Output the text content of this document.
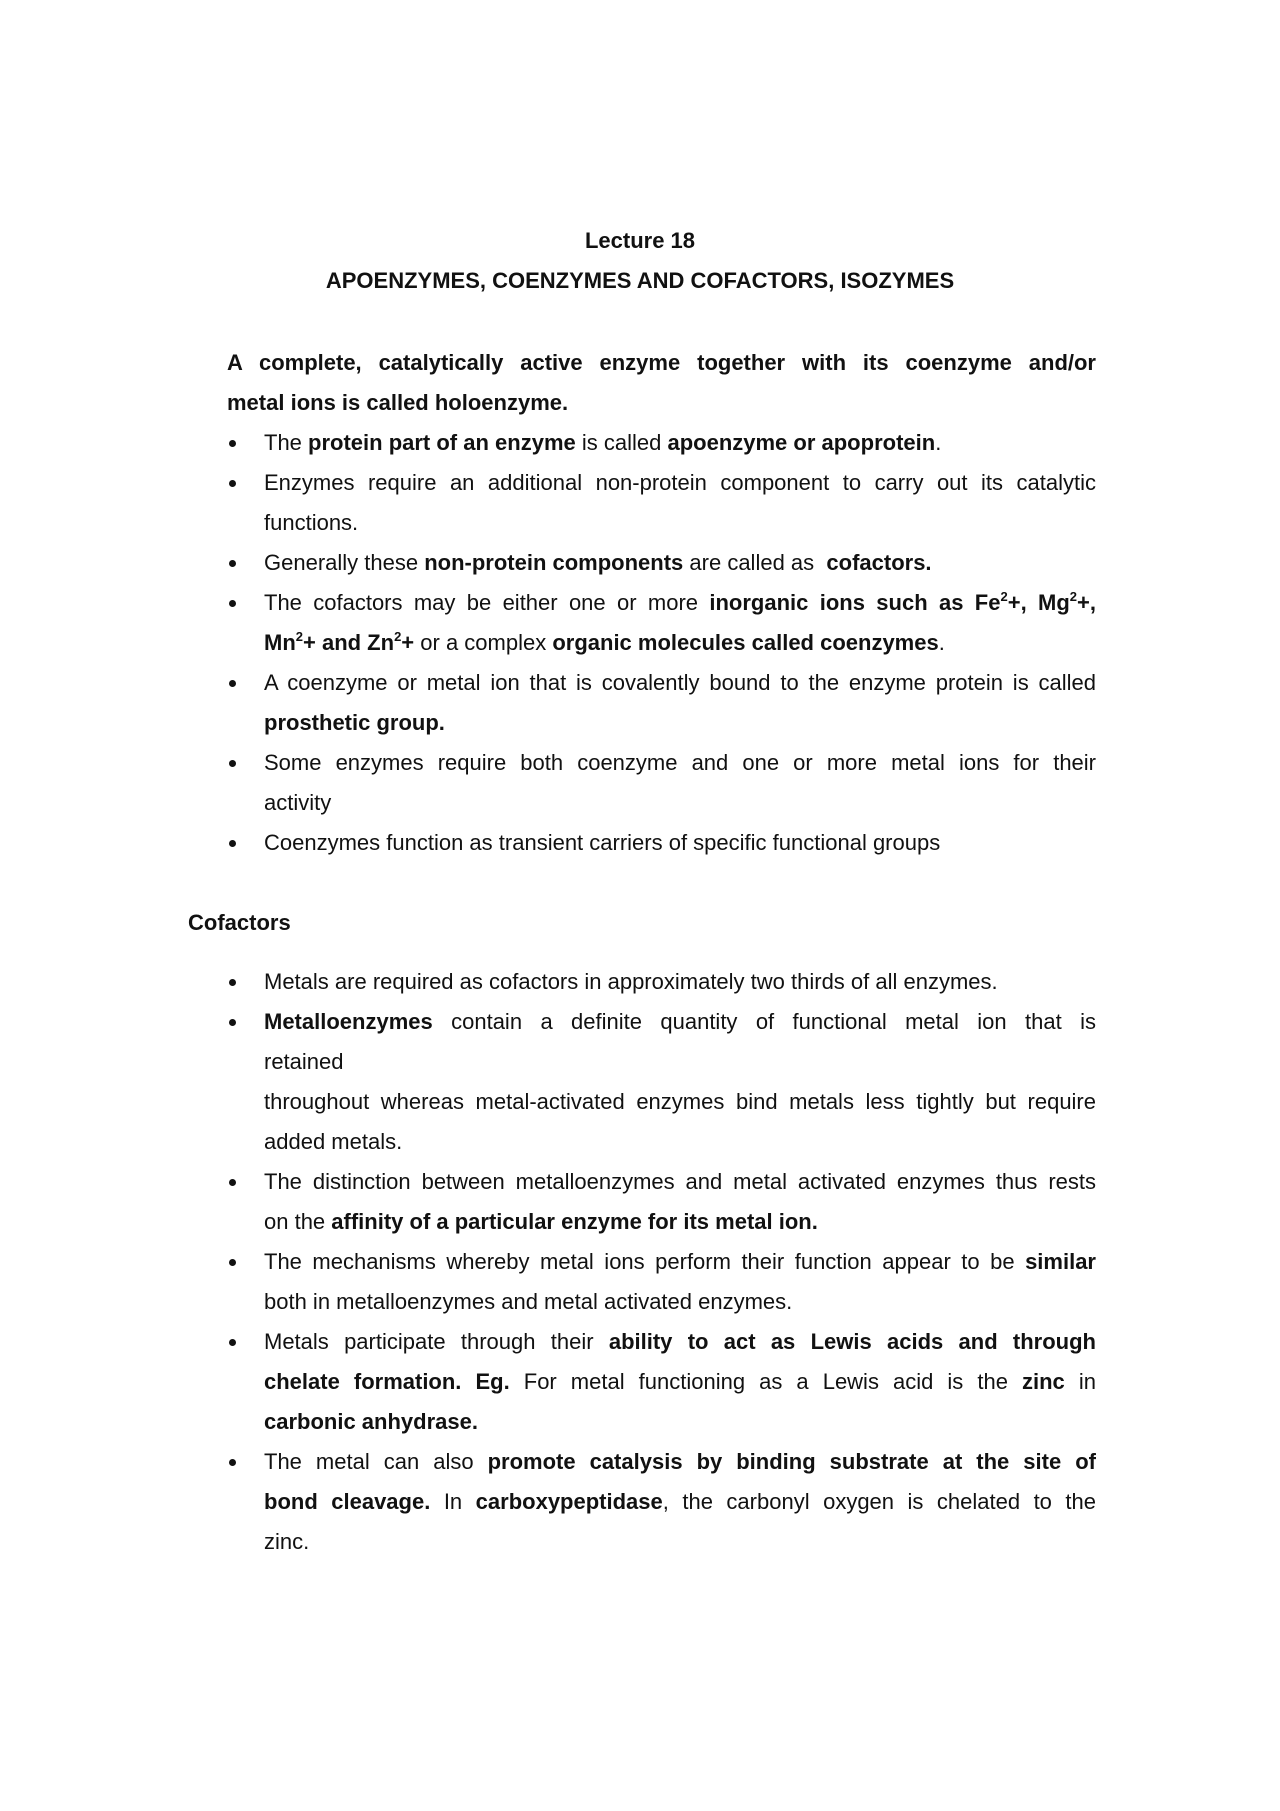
Lecture 18
APOENZYMES, COENZYMES AND COFACTORS, ISOZYMES
A complete, catalytically active enzyme together with its coenzyme and/or
metal ions is called holoenzyme.
The protein part of an enzyme is called apoenzyme or apoprotein.
Enzymes require an additional non-protein component to carry out its catalytic
functions.
Generally these non-protein components are called as  cofactors.
The cofactors may be either one or more inorganic ions such as $Fe^2+$, $Mg^2+$,
$Mn^2+$ and $Zn^2+$ or a complex organic molecules called coenzymes.
A coenzyme or metal ion that is covalently bound to the enzyme protein is called
prosthetic group.
Some enzymes require both coenzyme and one or more metal ions for their
activity
Coenzymes function as transient carriers of specific functional groups
Cofactors
Metals are required as cofactors in approximately two thirds of all enzymes.
Metalloenzymes contain a definite quantity of functional metal ion that is
retained
throughout whereas metal-activated enzymes bind metals less tightly but require
added metals.
The distinction between metalloenzymes and metal activated enzymes thus rests
on the affinity of a particular enzyme for its metal ion.
The mechanisms whereby metal ions perform their function appear to be similar
both in metalloenzymes and metal activated enzymes.
Metals participate through their ability to act as Lewis acids and through
chelate formation. Eg. For metal functioning as a Lewis acid is the zinc in
carbonic anhydrase.
The metal can also promote catalysis by binding substrate at the site of
bond cleavage. In carboxypeptidase, the carbonyl oxygen is chelated to the
zinc.
